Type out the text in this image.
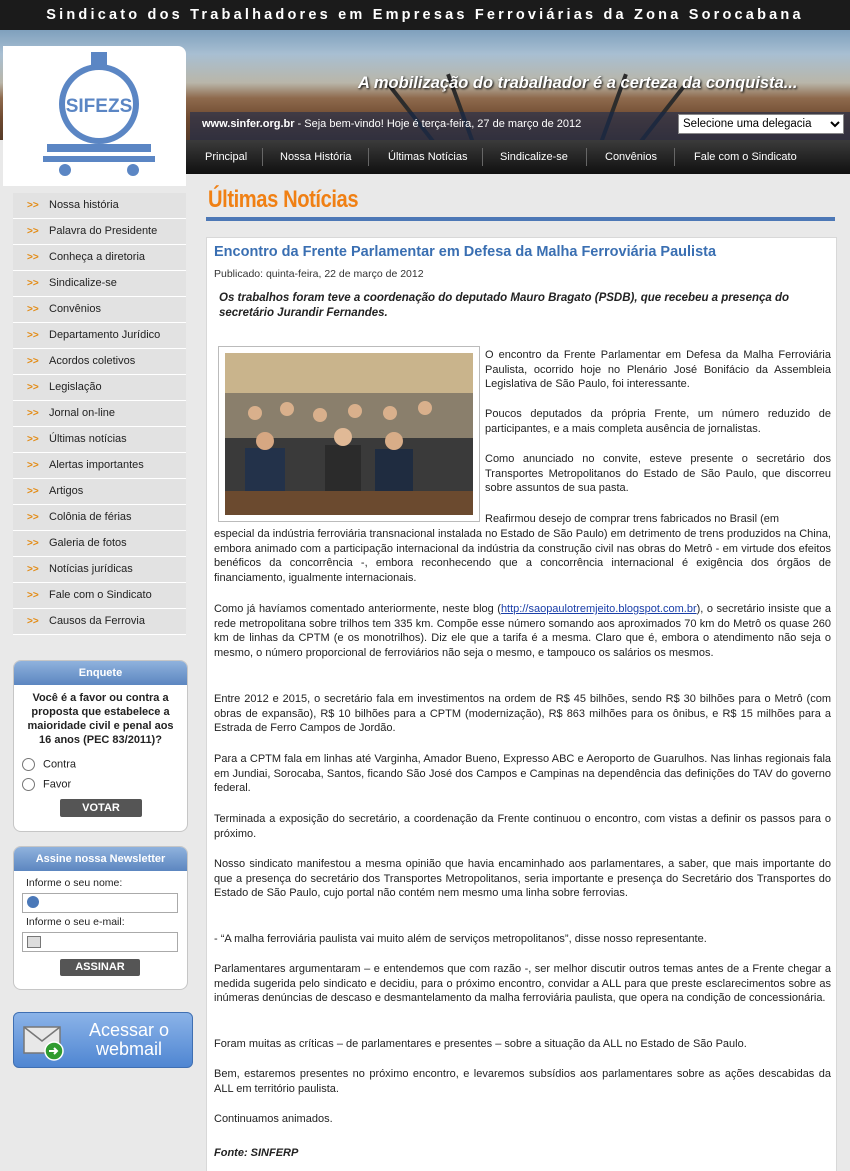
Sindicato dos Trabalhadores em Empresas Ferroviárias da Zona Sorocabana
A mobilização do trabalhador é a certeza da conquista...
www.sinfer.org.br - Seja bem-vindo! Hoje é terça-feira, 27 de março de 2012
Selecione uma delegacia
SIFEZS
Principal	Nossa História	Últimas Notícias	Sindicalize-se	Convênios	Fale com o Sindicato
>> Nossa história
>> Palavra do Presidente
>> Conheça a diretoria
>> Sindicalize-se
>> Convênios
>> Departamento Jurídico
>> Acordos coletivos
>> Legislação
>> Jornal on-line
>> Últimas notícias
>> Alertas importantes
>> Artigos
>> Colônia de férias
>> Galeria de fotos
>> Notícias jurídicas
>> Fale com o Sindicato
>> Causos da Ferrovia
Enquete
Você é a favor ou contra a proposta que estabelece a maioridade civil e penal aos 16 anos (PEC 83/2011)?
Contra
Favor
VOTAR
Assine nossa Newsletter
Informe o seu nome:
Informe o seu e-mail:
ASSINAR
Acessar o
webmail
Últimas Notícias
Encontro da Frente Parlamentar em Defesa da Malha Ferroviária Paulista
Publicado: quinta-feira, 22 de março de 2012
Os trabalhos foram teve a coordenação do deputado Mauro Bragato (PSDB), que recebeu a presença do secretário Jurandir Fernandes.
O encontro da Frente Parlamentar em Defesa da Malha Ferroviária Paulista, ocorrido hoje no Plenário José Bonifácio da Assembleia Legislativa de São Paulo, foi interessante.
Poucos deputados da própria Frente, um número reduzido de participantes, e a mais completa ausência de jornalistas.
Como anunciado no convite, esteve presente o secretário dos Transportes Metropolitanos do Estado de São Paulo, que discorreu sobre assuntos de sua pasta.
Reafirmou desejo de comprar trens fabricados no Brasil (em
especial da indústria ferroviária transnacional instalada no Estado de São Paulo) em detrimento de trens produzidos na China, embora animado com a participação internacional da indústria da construção civil nas obras do Metrô - em virtude dos efeitos benéficos da concorrência -, embora reconhecendo que a concorrência internacional é exigência dos órgãos de financiamento, igualmente internacionais.
Como já havíamos comentado anteriormente, neste blog (http://saopaulotremjeito.blogspot.com.br), o secretário insiste que a rede metropolitana sobre trilhos tem 335 km. Compõe esse número somando aos aproximados 70 km do Metrô os quase 260 km de linhas da CPTM (e os monotrilhos). Diz ele que a tarifa é a mesma. Claro que é, embora o atendimento não seja o mesmo, o número proporcional de ferroviários não seja o mesmo, e tampouco os salários os mesmos.
Entre 2012 e 2015, o secretário fala em investimentos na ordem de R$ 45 bilhões, sendo R$ 30 bilhões para o Metrô (com obras de expansão), R$ 10 bilhões para a CPTM (modernização), R$ 863 milhões para os ônibus, e R$ 15 milhões para a Estrada de Ferro Campos de Jordão.
Para a CPTM fala em linhas até Varginha, Amador Bueno, Expresso ABC e Aeroporto de Guarulhos. Nas linhas regionais fala em Jundiai, Sorocaba, Santos, ficando São José dos Campos e Campinas na dependência das definições do TAV do governo federal.
Terminada a exposição do secretário, a coordenação da Frente continuou o encontro, com vistas a definir os passos para o próximo.
Nosso sindicato manifestou a mesma opinião que havia encaminhado aos parlamentares, a saber, que mais importante do que a presença do secretário dos Transportes Metropolitanos, seria importante e presença do Secretário dos Transportes do Estado de São Paulo, cujo portal não contém nem mesmo uma linha sobre ferrovias.
- “A malha ferroviária paulista vai muito além de serviços metropolitanos”, disse nosso representante.
Parlamentares argumentaram – e entendemos que com razão -, ser melhor discutir outros temas antes de a Frente chegar a medida sugerida pelo sindicato e decidiu, para o próximo encontro, convidar a ALL para que preste esclarecimentos sobre as inúmeras denúncias de descaso e desmantelamento da malha ferroviária paulista, que opera na condição de concessionária.
Foram muitas as críticas – de parlamentares e presentes – sobre a situação da ALL no Estado de São Paulo.
Bem, estaremos presentes no próximo encontro, e levaremos subsídios aos parlamentares sobre as ações descabidas da ALL em território paulista.
Continuamos animados.
Fonte: SINFERP
